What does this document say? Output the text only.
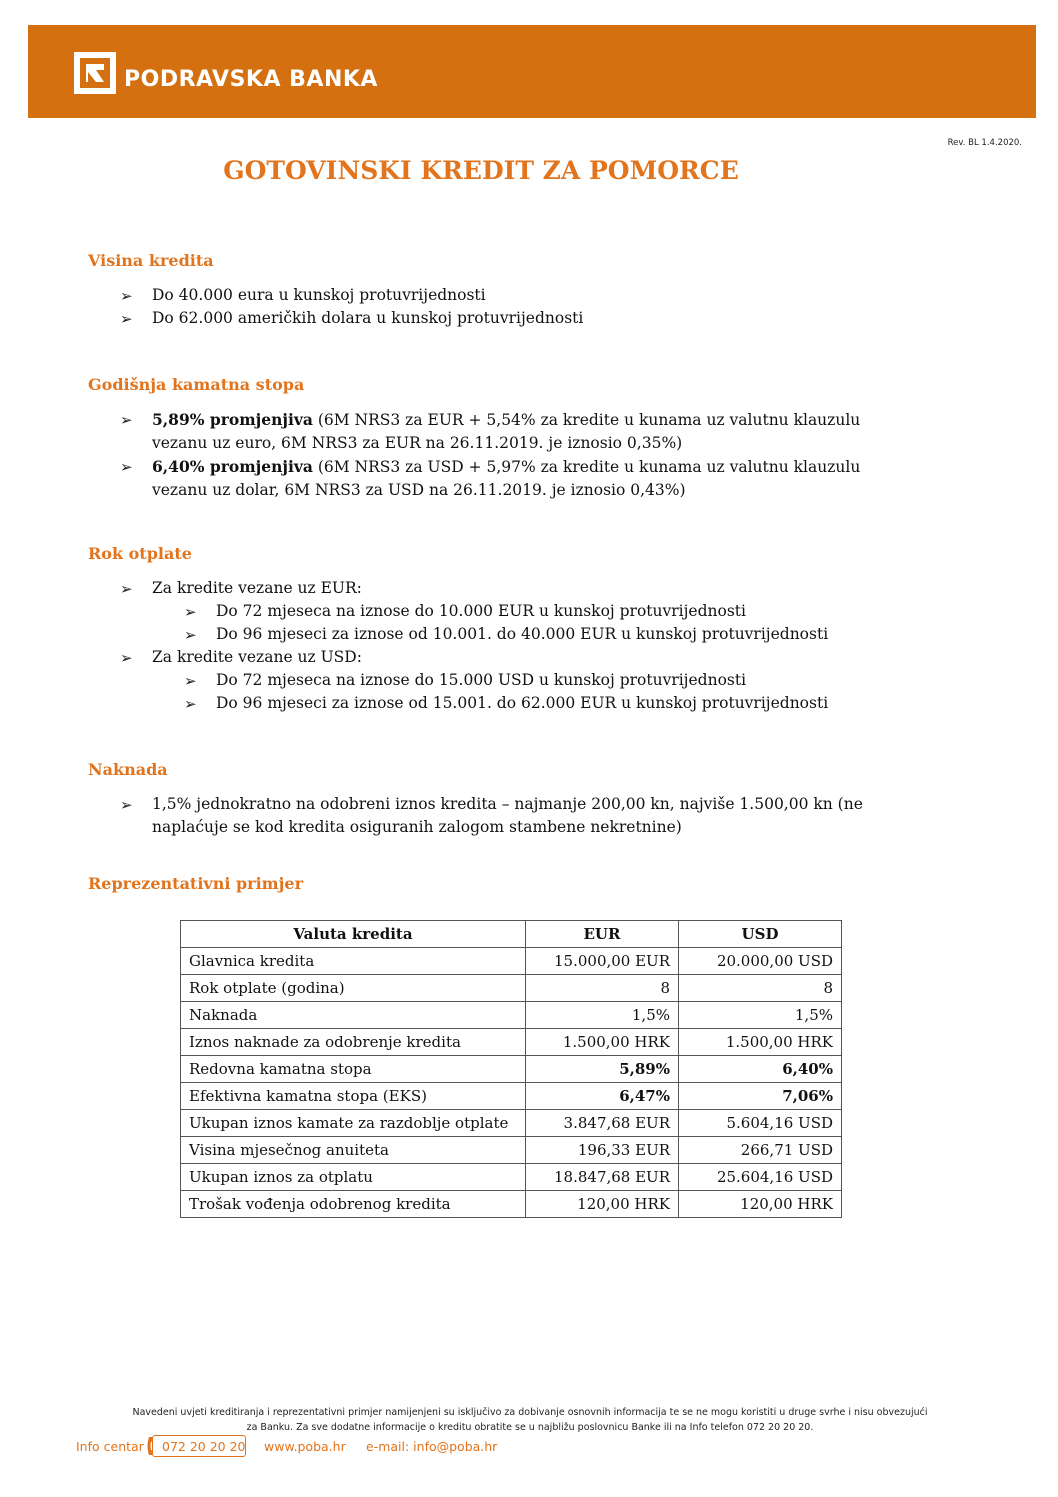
PODRAVSKA BANKA
Rev. BL 1.4.2020.
GOTOVINSKI KREDIT ZA POMORCE
Visina kredita
➢ Do 40.000 eura u kunskoj protuvrijednosti
➢ Do 62.000 američkih dolara u kunskoj protuvrijednosti
Godišnja kamatna stopa
➢ 5,89% promjenjiva (6M NRS3 za EUR + 5,54% za kredite u kunama uz valutnu klauzulu vezanu uz euro, 6M NRS3 za EUR na 26.11.2019. je iznosio 0,35%)
➢ 6,40% promjenjiva (6M NRS3 za USD + 5,97% za kredite u kunama uz valutnu klauzulu vezanu uz dolar, 6M NRS3 za USD na 26.11.2019. je iznosio 0,43%)
Rok otplate
➢ Za kredite vezane uz EUR:
➢ Do 72 mjeseca na iznose do 10.000 EUR u kunskoj protuvrijednosti
➢ Do 96 mjeseci za iznose od 10.001. do 40.000 EUR u kunskoj protuvrijednosti
➢ Za kredite vezane uz USD:
➢ Do 72 mjeseca na iznose do 15.000 USD u kunskoj protuvrijednosti
➢ Do 96 mjeseci za iznose od 15.001. do 62.000 EUR u kunskoj protuvrijednosti
Naknada
➢ 1,5% jednokratno na odobreni iznos kredita – najmanje 200,00 kn, najviše 1.500,00 kn (ne naplaćuje se kod kredita osiguranih zalogom stambene nekretnine)
Reprezentativni primjer
Valuta kredita	EUR	USD
Glavnica kredita	15.000,00 EUR	20.000,00 USD
Rok otplate (godina)	8	8
Naknada	1,5%	1,5%
Iznos naknade za odobrenje kredita	1.500,00 HRK	1.500,00 HRK
Redovna kamatna stopa	5,89%	6,40%
Efektivna kamatna stopa (EKS)	6,47%	7,06%
Ukupan iznos kamate za razdoblje otplate	3.847,68 EUR	5.604,16 USD
Visina mjesečnog anuiteta	196,33 EUR	266,71 USD
Ukupan iznos za otplatu	18.847,68 EUR	25.604,16 USD
Trošak vođenja odobrenog kredita	120,00 HRK	120,00 HRK
Navedeni uvjeti kreditiranja i reprezentativni primjer namijenjeni su isključivo za dobivanje osnovnih informacija te se ne mogu koristiti u druge svrhe i nisu obvezujući
za Banku. Za sve dodatne informacije o kreditu obratite se u najbližu poslovnicu Banke ili na Info telefon 072 20 20 20.
Info centar 072 20 20 20 www.poba.hr e-mail: info@poba.hr
